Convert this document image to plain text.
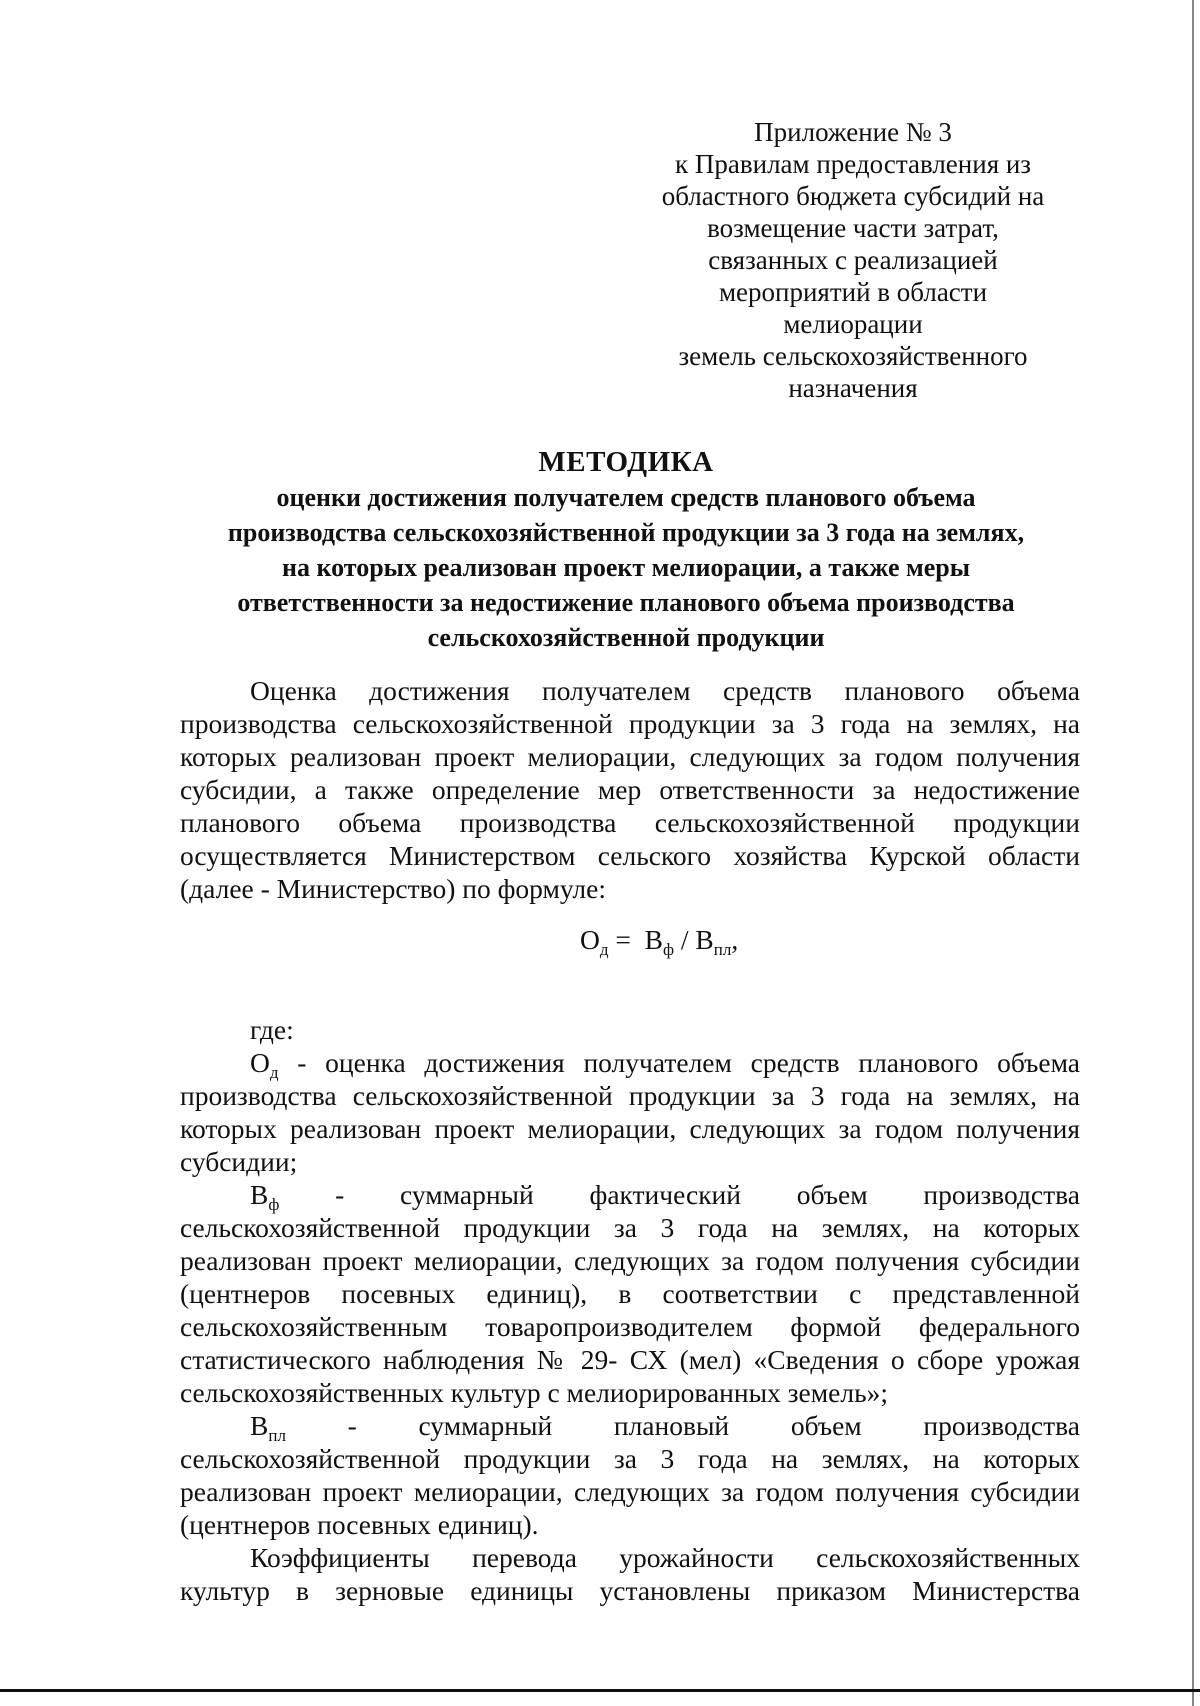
Приложение № 3
к Правилам предоставления из
областного бюджета субсидий на
возмещение части затрат,
связанных с реализацией
мероприятий в области
мелиорации
земель сельскохозяйственного
назначения
МЕТОДИКА
оценки достижения получателем средств планового объема
производства сельскохозяйственной продукции за 3 года на землях,
на которых реализован проект мелиорации, а также меры
ответственности за недостижение планового объема производства
сельскохозяйственной продукции
Оценка достижения получателем средств планового объема
производства сельскохозяйственной продукции за 3 года на землях, на
которых реализован проект мелиорации, следующих за годом получения
субсидии, а также определение мер ответственности за недостижение
планового объема производства сельскохозяйственной продукции
осуществляется Министерством сельского хозяйства Курской области
(далее - Министерство) по формуле:
$О_д = В_ф / В_{пл}$,
где:
$О_д$ - оценка достижения получателем средств планового объема
производства сельскохозяйственной продукции за 3 года на землях, на
которых реализован проект мелиорации, следующих за годом получения
субсидии;
$В_ф$   -   суммарный   фактический   объем   производства
сельскохозяйственной продукции за 3 года на землях, на которых
реализован проект мелиорации, следующих за годом получения субсидии
(центнеров посевных единиц), в соответствии с представленной
сельскохозяйственным товаропроизводителем формой федерального
статистического наблюдения № 29- СХ (мел) «Сведения о сборе урожая
сельскохозяйственных культур с мелиорированных земель»;
$В_{пл}$   -   суммарный   плановый   объем   производства
сельскохозяйственной продукции за 3 года на землях, на которых
реализован проект мелиорации, следующих за годом получения субсидии
(центнеров посевных единиц).
Коэффициенты перевода урожайности сельскохозяйственных
культур в зерновые единицы установлены приказом Министерства
